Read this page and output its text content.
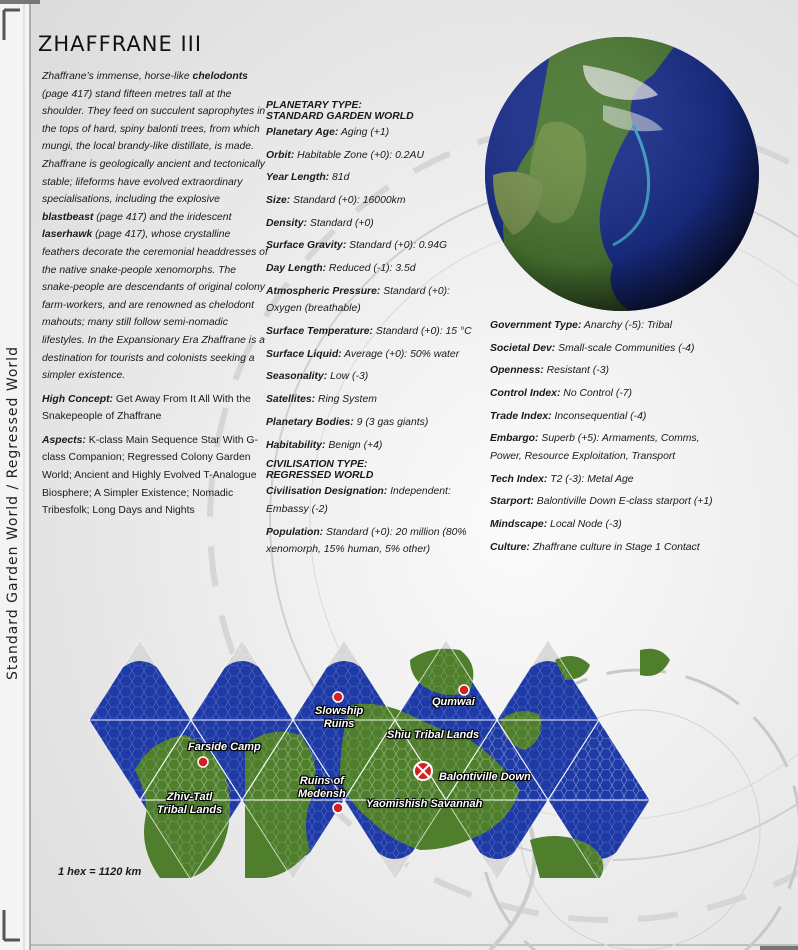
Standard Garden World / Regressed World
ZHAFFRANE III

Zhaffrane’s immense, horse-like chelodonts (page 417) stand fifteen metres tall at the shoulder. They feed on succulent saprophytes in the tops of hard, spiny balonti trees, from which mungi, the local brandy-like distillate, is made. Zhaffrane is geologically ancient and tectonically stable; lifeforms have evolved extraordinary specialisations, including the explosive blastbeast (page 417) and the iridescent laserhawk (page 417), whose crystalline feathers decorate the ceremonial headdresses of the native snake-people xenomorphs. The snake-people are descendants of original colony farm-workers, and are renowned as chelodont mahouts; many still follow semi-nomadic lifestyles. In the Expansionary Era Zhaffrane is a destination for tourists and colonists seeking a simpler existence.

High Concept: Get Away From It All With the Snakepeople of Zhaffrane

Aspects: K-class Main Sequence Star With G-class Companion; Regressed Colony Garden World; Ancient and Highly Evolved T-Analogue Biosphere; A Simpler Existence; Nomadic Tribesfolk; Long Days and Nights

PLANETARY TYPE:
STANDARD GARDEN WORLD
Planetary Age: Aging (+1)
Orbit: Habitable Zone (+0): 0.2AU
Year Length: 81d
Size: Standard (+0): 16000km
Density: Standard (+0)
Surface Gravity: Standard (+0): 0.94G
Day Length: Reduced (-1): 3.5d
Atmospheric Pressure: Standard (+0): Oxygen (breathable)
Surface Temperature: Standard (+0): 15 °C
Surface Liquid: Average (+0): 50% water
Seasonality: Low (-3)
Satellites: Ring System
Planetary Bodies: 9 (3 gas giants)
Habitability: Benign (+4)
CIVILISATION TYPE:
REGRESSED WORLD
Civilisation Designation: Independent: Embassy (-2)
Population: Standard (+0): 20 million (80% xenomorph, 15% human, 5% other)
Government Type: Anarchy (-5): Tribal
Societal Dev: Small-scale Communities (-4)
Openness: Resistant (-3)
Control Index: No Control (-7)
Trade Index: Inconsequential (-4)
Embargo: Superb (+5): Armaments, Comms, Power, Resource Exploitation, Transport
Tech Index: T2 (-3): Metal Age
Starport: Balontiville Down E-class starport (+1)
Mindscape: Local Node (-3)
Culture: Zhaffrane culture in Stage 1 Contact
Farside Camp
Zhiv-Tatl
Tribal Lands
Slowship
Ruins
Qumwai
Shiu Tribal Lands
Ruins of
Medensh
Balontiville Down
Yaomishish Savannah
1 hex = 1120 km
